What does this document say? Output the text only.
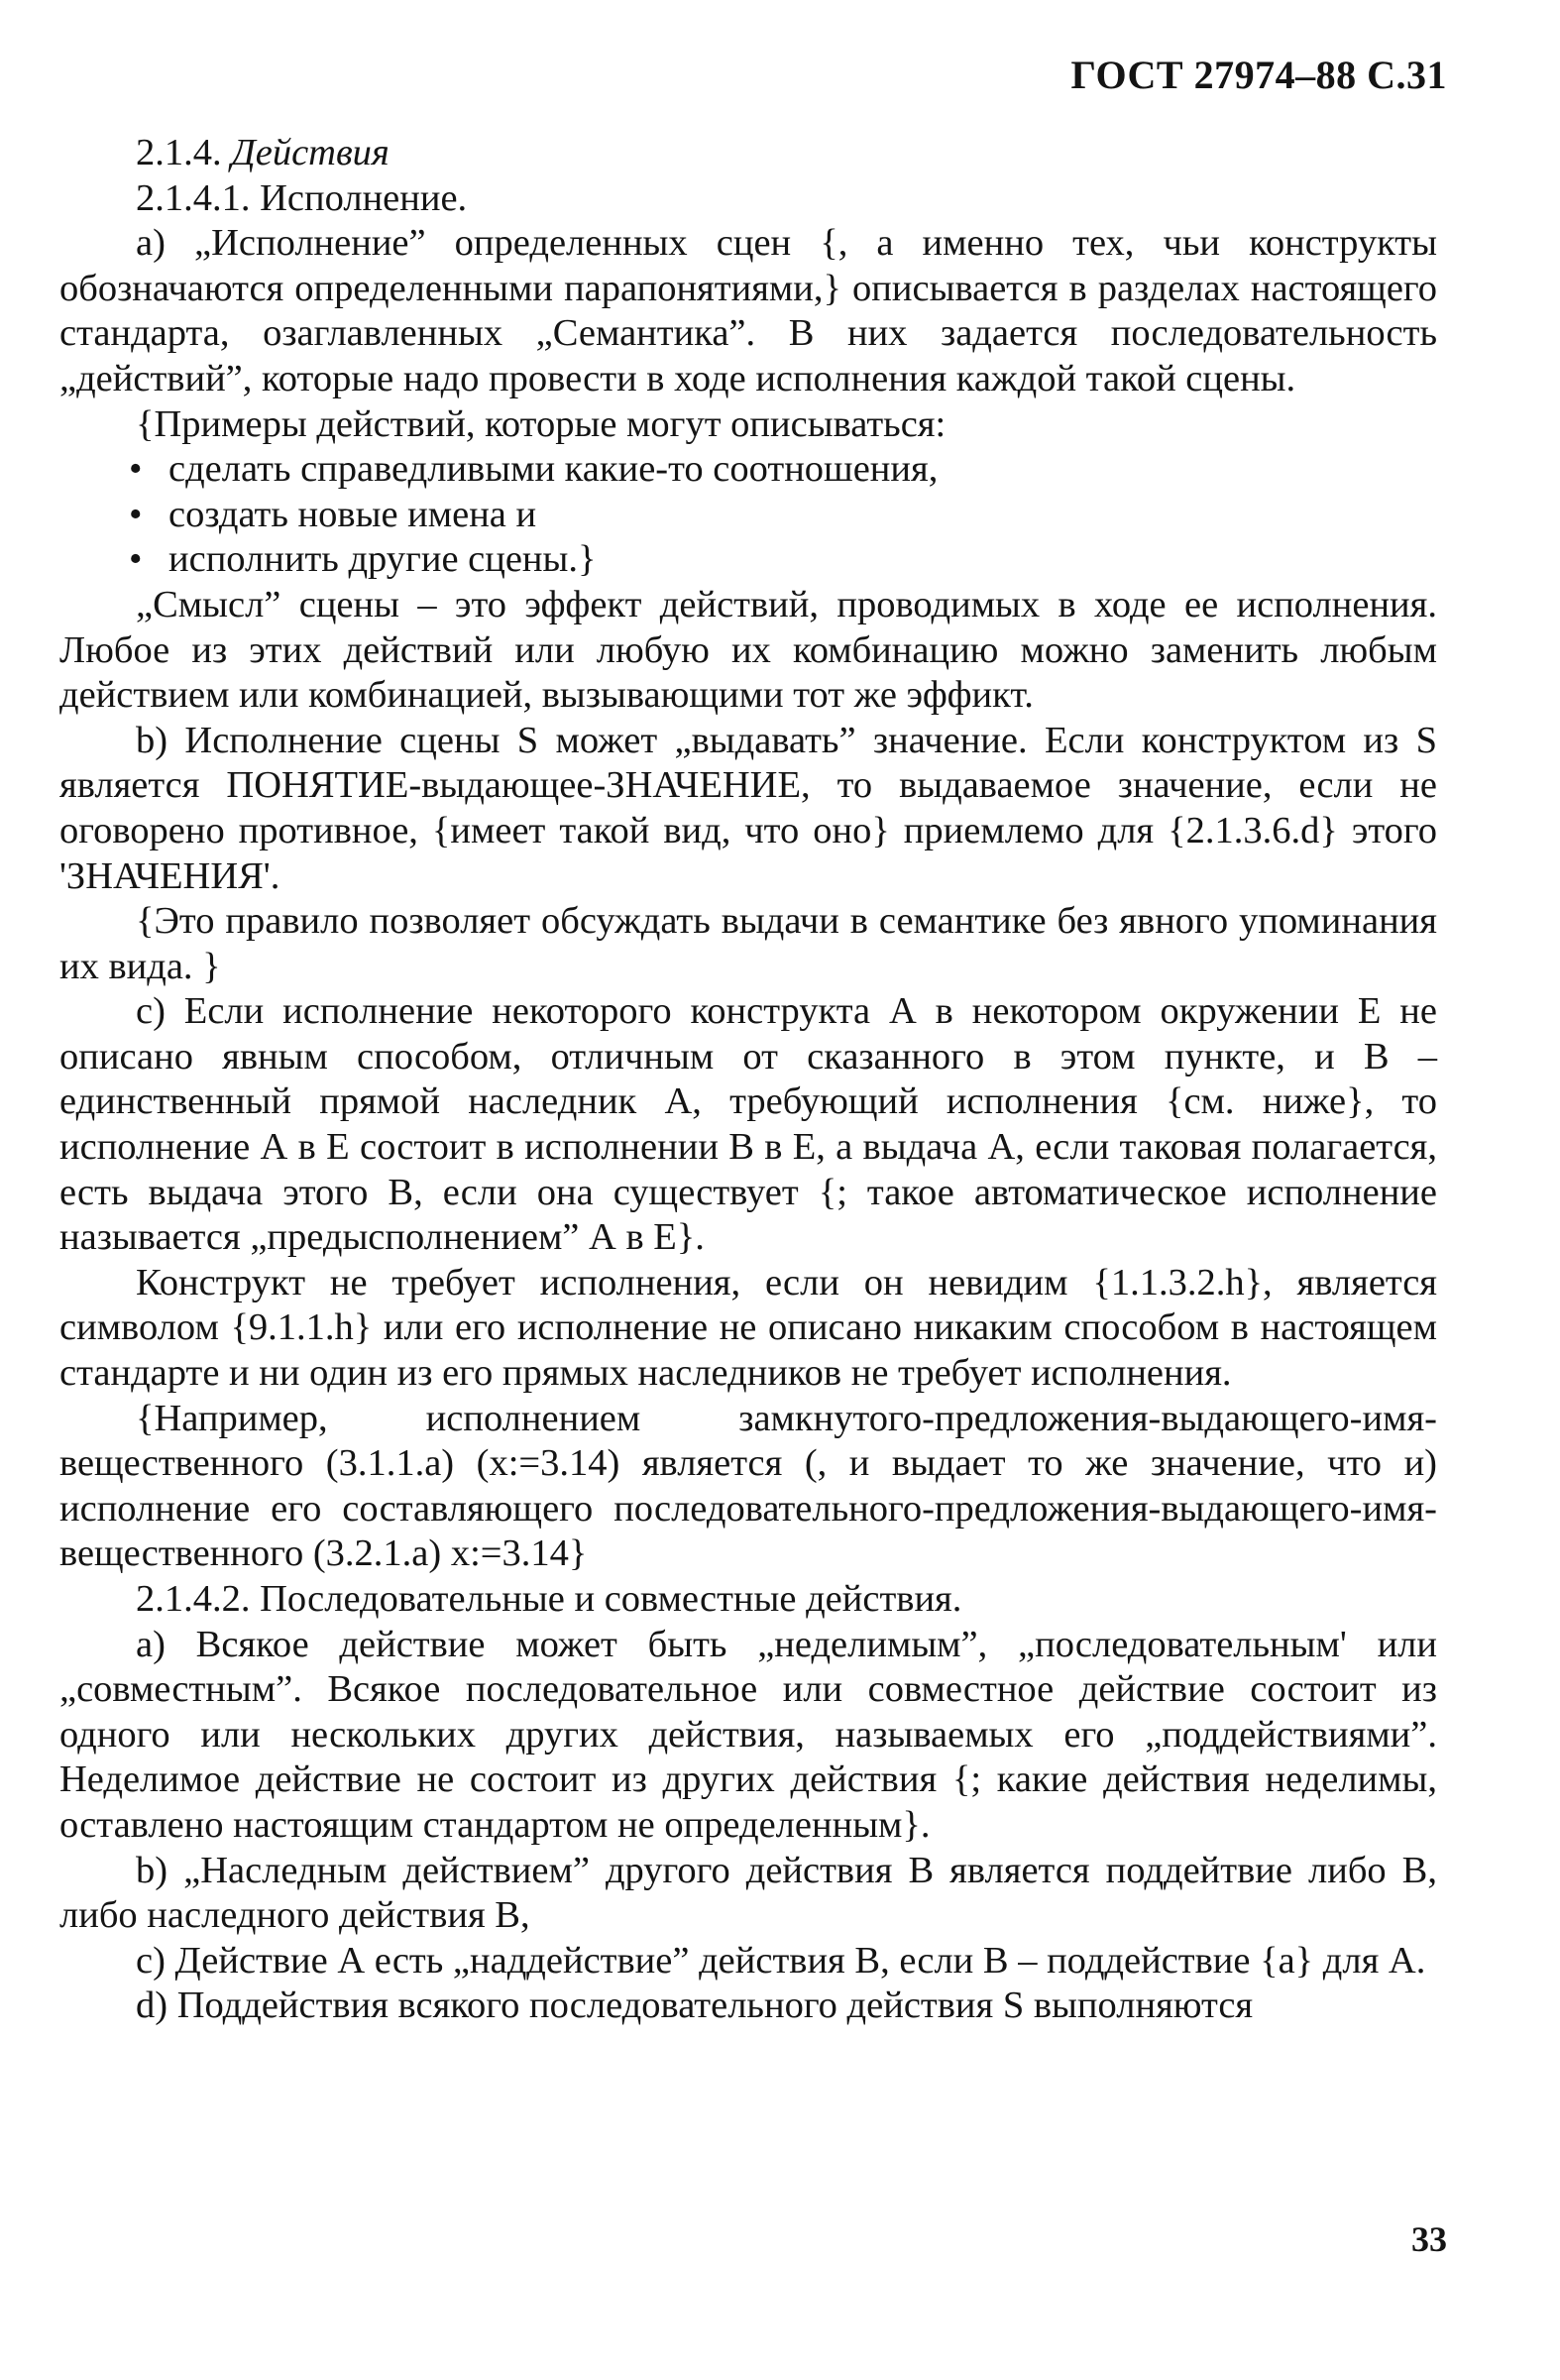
ГОСТ 27974–88 С.31

2.1.4. Действия

2.1.4.1. Исполнение.

a) „Исполнение” определенных сцен {, а именно тех, чьи конструкты обозначаются определенными парапонятиями,} описывается в разделах настоящего стандарта, озаглавленных „Семантика”. В них задается последовательность „действий”, которые надо провести в ходе исполнения каждой такой сцены.

{Примеры действий, которые могут описываться:

• сделать справедливыми какие-то соотношения,
• создать новые имена и
• исполнить другие сцены.}

„Смысл” сцены – это эффект действий, проводимых в ходе ее исполнения. Любое из этих действий или любую их комбинацию можно заменить любым действием или комбинацией, вызывающими тот же эффикт.

b) Исполнение сцены S может „выдавать” значение. Если конструктом из S является ПОНЯТИЕ-выдающее-ЗНАЧЕНИЕ, то выдаваемое значение, если не оговорено противное, {имеет такой вид, что оно} приемлемо для {2.1.3.6.d} этого 'ЗНАЧЕНИЯ'.

{Это правило позволяет обсуждать выдачи в семантике без явного упоминания их вида. }

c) Если исполнение некоторого конструкта А в некотором окружении Е не описано явным способом, отличным от сказанного в этом пункте, и В – единственный прямой наследник А, требующий исполнения {см. ниже}, то исполнение А в Е состоит в исполнении В в Е, а выдача А, если таковая полагается, есть выдача этого В, если она существует {; такое автоматическое исполнение называется „предысполнением” А в Е}.

Конструкт не требует исполнения, если он невидим {1.1.3.2.h}, является символом {9.1.1.h} или его исполнение не описано никаким способом в настоящем стандарте и ни один из его прямых наследников не требует исполнения.

{Например, исполнением замкнутого-предложения-выдающего-имя-вещественного (3.1.1.a) (x:=3.14) является (, и выдает то же значение, что и) исполнение его составляющего последовательного-предложения-выдающего-имя-вещественного (3.2.1.a) x:=3.14}

2.1.4.2. Последовательные и совместные действия.

a) Всякое действие может быть „неделимым”, „последовательным' или „совместным”. Всякое последовательное или совместное действие состоит из одного или нескольких других действия, называемых его „поддействиями”. Неделимое действие не состоит из других действия {; какие действия неделимы, оставлено настоящим стандартом не определенным}.

b) „Наследным действием” другого действия В является поддейтвие либо В, либо наследного действия В,

c) Действие А есть „наддействие” действия В, если В – поддействие {a} для А.

d) Поддействия всякого последовательного действия S выполняются

33
